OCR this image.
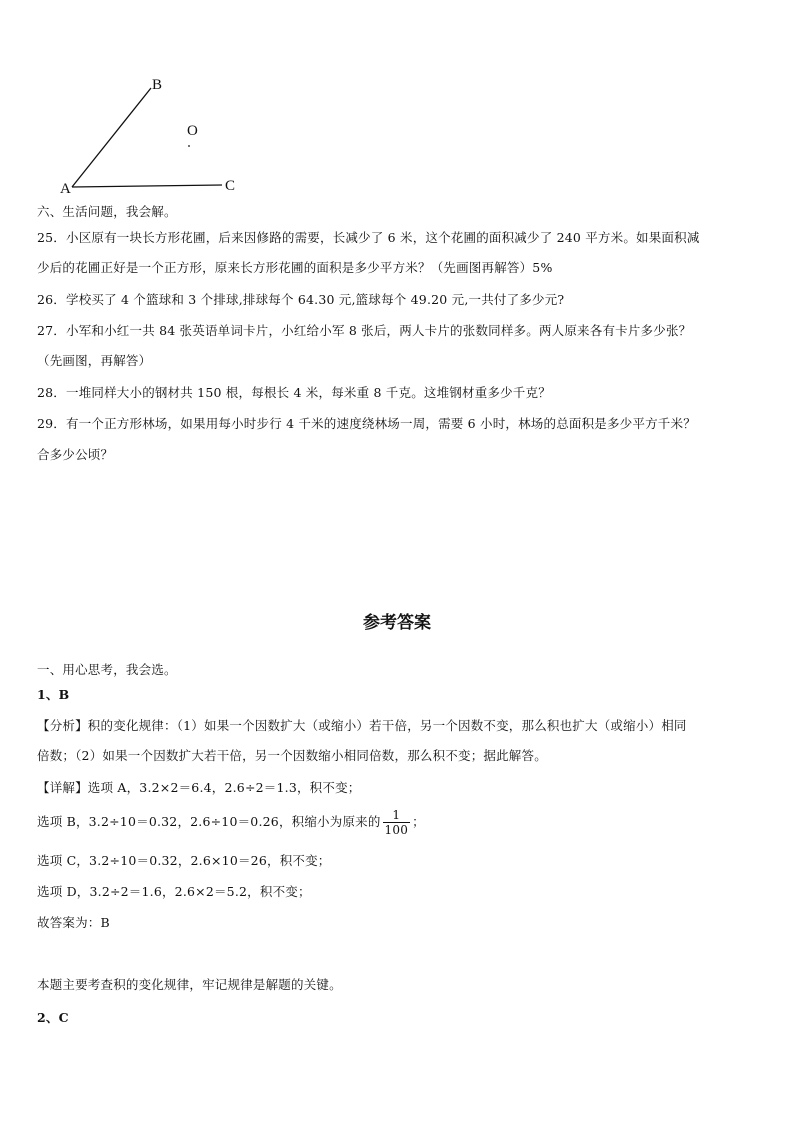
B
O
A	C
六、生活问题，我会解。
25．小区原有一块长方形花圃，后来因修路的需要，长减少了 6 米，这个花圃的面积减少了 240 平方米。如果面积减
少后的花圃正好是一个正方形，原来长方形花圃的面积是多少平方米？（先画图再解答）5%
26．学校买了 4 个篮球和 3 个排球,排球每个 64.30 元,篮球每个 49.20 元,一共付了多少元?
27．小军和小红一共 84 张英语单词卡片，小红给小军 8 张后，两人卡片的张数同样多。两人原来各有卡片多少张？
（先画图，再解答）
28．一堆同样大小的钢材共 150 根，每根长 4 米，每米重 8 千克。这堆钢材重多少千克？
29．有一个正方形林场，如果用每小时步行 4 千米的速度绕林场一周，需要 6 小时，林场的总面积是多少平方千米？
合多少公顷？
参考答案
一、用心思考，我会选。
1、B
【分析】积的变化规律：（1）如果一个因数扩大（或缩小）若干倍，另一个因数不变，那么积也扩大（或缩小）相同
倍数；（2）如果一个因数扩大若干倍，另一个因数缩小相同倍数，那么积不变；据此解答。
【详解】选项 A，3.2×2＝6.4，2.6÷2＝1.3，积不变；
选项 B，3.2÷10＝0.32，2.6÷10＝0.26，积缩小为原来的 $\frac{1}{100}$ ；
选项 C，3.2÷10＝0.32，2.6×10＝26，积不变；
选项 D，3.2÷2＝1.6，2.6×2＝5.2，积不变；
故答案为：B
本题主要考查积的变化规律，牢记规律是解题的关键。
2、C
